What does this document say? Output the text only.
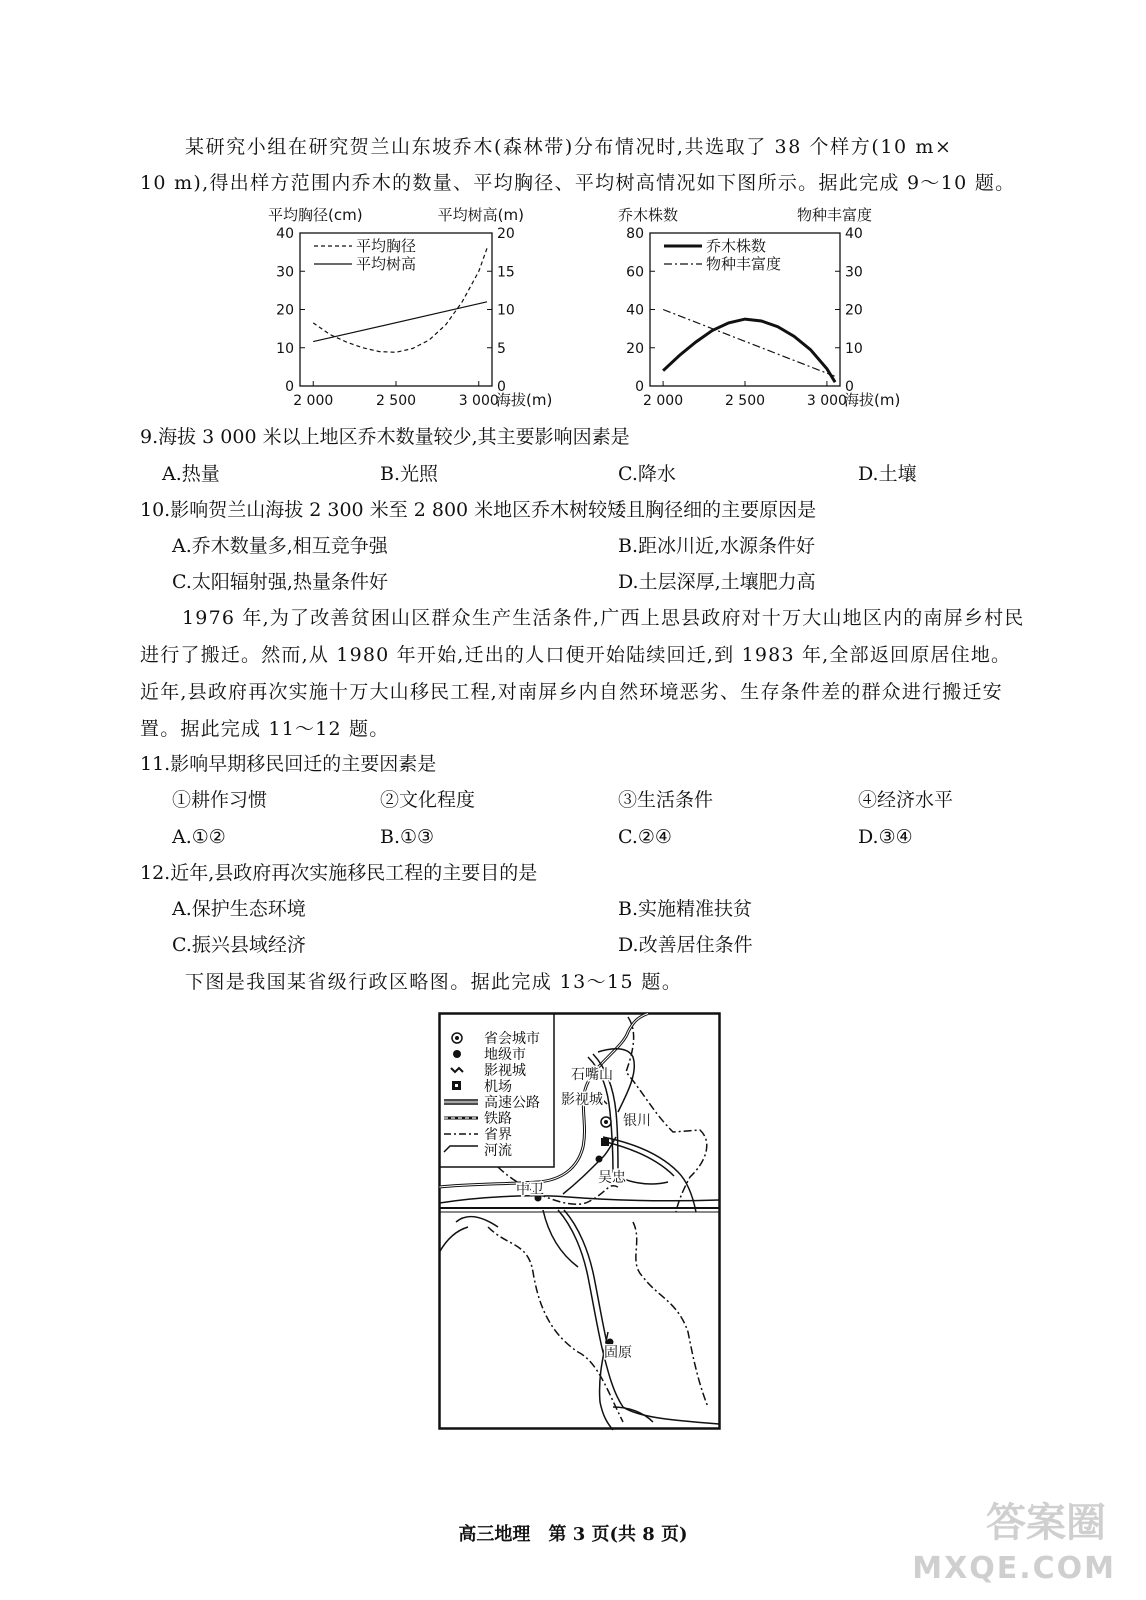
某研究小组在研究贺兰山东坡乔木(森林带)分布情况时,共选取了 38 个样方(10 m×
10 m),得出样方范围内乔木的数量、平均胸径、平均树高情况如下图所示。据此完成 9～10 题。
平均胸径(cm)	平均树高(m)
海拔(m)
0
10
20
30
40
0
5
10
15
20
2 000	2 500	3 000
平均胸径
平均树高
乔木株数	物种丰富度
海拔(m)
0
20
40
60
80
0
10
20
30
40
2 000	2 500	3 000
乔木株数
物种丰富度
9.海拔 3 000 米以上地区乔木数量较少,其主要影响因素是
A.热量	B.光照	C.降水	D.土壤
10.影响贺兰山海拔 2 300 米至 2 800 米地区乔木树较矮且胸径细的主要原因是
A.乔木数量多,相互竞争强	B.距冰川近,水源条件好
C.太阳辐射强,热量条件好	D.土层深厚,土壤肥力高
1976 年,为了改善贫困山区群众生产生活条件,广西上思县政府对十万大山地区内的南屏乡村民进行了搬迁。然而,从 1980 年开始,迁出的人口便开始陆续回迁,到 1983 年,全部返回原居住地。近年,县政府再次实施十万大山移民工程,对南屏乡内自然环境恶劣、生存条件差的群众进行搬迁安置。据此完成 11～12 题。
11.影响早期移民回迁的主要因素是
①耕作习惯	②文化程度	③生活条件	④经济水平
A.①②	B.①③	C.②④	D.③④
12.近年,县政府再次实施移民工程的主要目的是
A.保护生态环境	B.实施精准扶贫
C.振兴县域经济	D.改善居住条件
下图是我国某省级行政区略图。据此完成 13～15 题。
省会城市
地级市
影视城
机场
高速公路
铁路
省界
河流
石嘴山
影视城
银川
吴忠
中卫
固原
高三地理　第 3 页(共 8 页)	答案圈
MXQE.COM
